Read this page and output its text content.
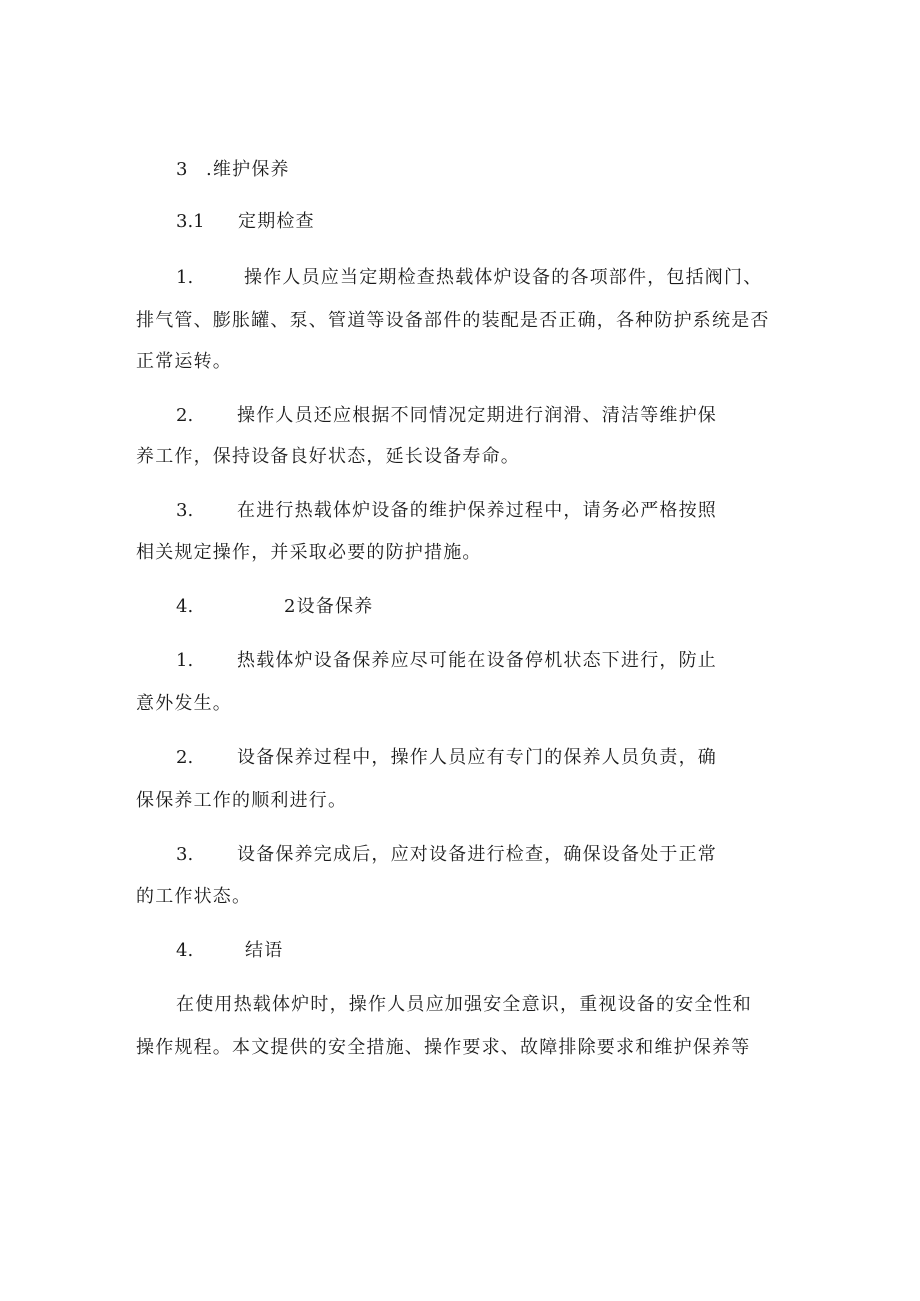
3 .维护保养
3.1 定期检查
1.	操作人员应当定期检查热载体炉设备的各项部件，包括阀门、
排气管、膨胀罐、泵、管道等设备部件的装配是否正确，各种防护系统是否
正常运转。
2. 操作人员还应根据不同情况定期进行润滑、清洁等维护保
养工作，保持设备良好状态，延长设备寿命。
3. 在进行热载体炉设备的维护保养过程中，请务必严格按照
相关规定操作，并采取必要的防护措施。
4.	2设备保养
1. 热载体炉设备保养应尽可能在设备停机状态下进行，防止
意外发生。
2. 设备保养过程中，操作人员应有专门的保养人员负责，确
保保养工作的顺利进行。
3. 设备保养完成后，应对设备进行检查，确保设备处于正常
的工作状态。
4.	结语
在使用热载体炉时，操作人员应加强安全意识，重视设备的安全性和
操作规程。本文提供的安全措施、操作要求、故障排除要求和维护保养等
